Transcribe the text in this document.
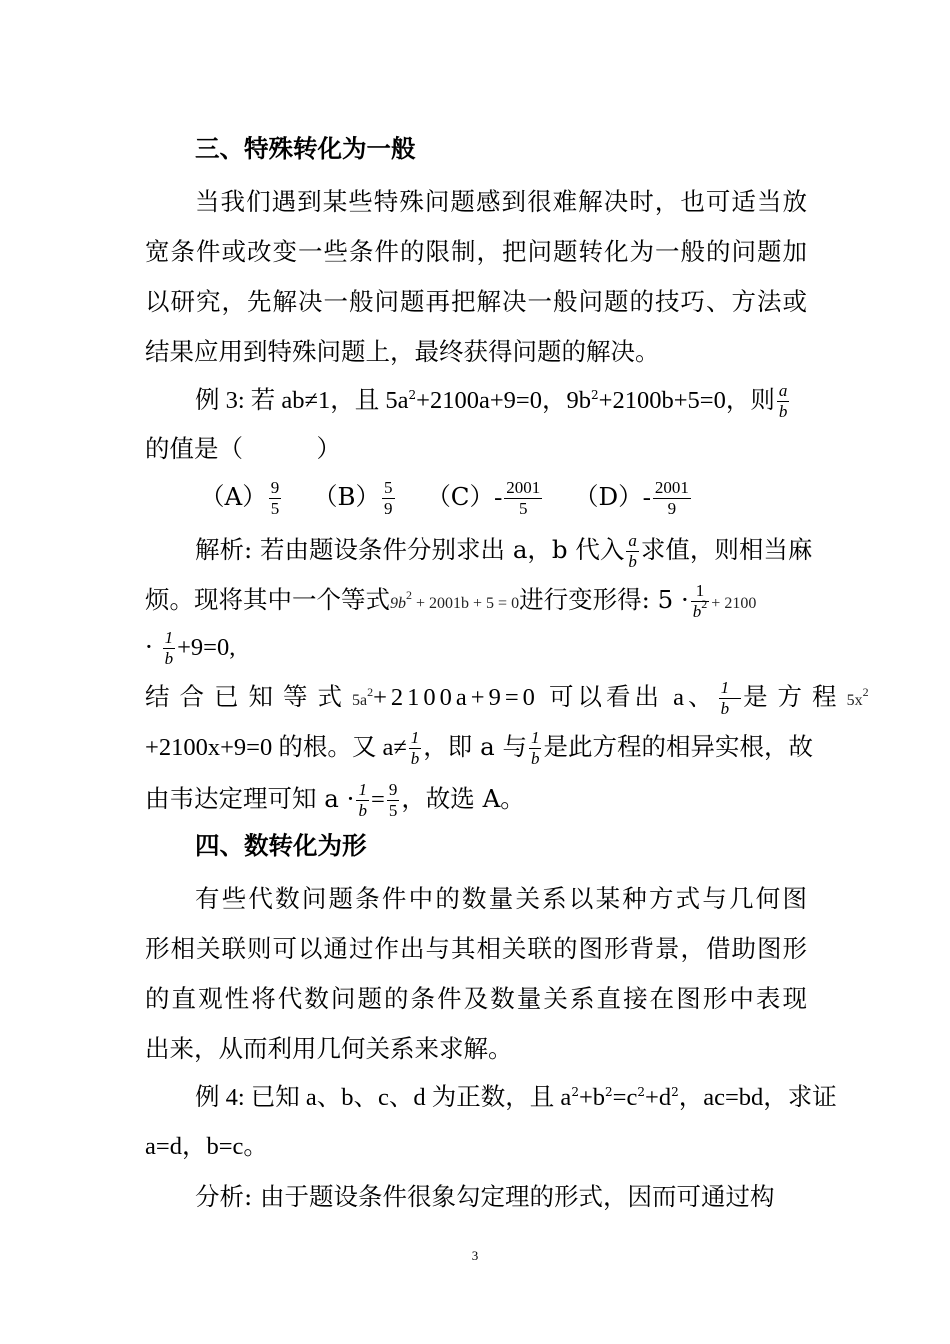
三、特殊转化为一般
当我们遇到某些特殊问题感到很难解决时，也可适当放
宽条件或改变一些条件的限制，把问题转化为一般的问题加
以研究，先解决一般问题再把解决一般问题的技巧、方法或
结果应用到特殊问题上，最终获得问题的解决。
例 3: 若 ab≠1，且 $5a^2+2100a+9=0$，$9b^2+2100b+5=0$，则 $\frac{a}{b}$
的值是（　　　）
$(A) \frac{9}{5} (B) \frac{5}{9} (C)- \frac{2001}{5} (D)- \frac{2001}{9}$
解析: 若由题设条件分别求出 a，b 代入 $\frac{a}{b}$ 求值，则相当麻
烦。现将其中一个等式$9b^2 + 2001b + 5 = 0$进行变形得: $5 \cdot \frac{1}{b^2} + 2100$
· $\frac{1}{b} +9=0$,
结合已知等式$5a^2+2100a+9=0$ 可以看出 a、 $\frac{1}{b}$ 是方程$5x^2$
+2100x+9=0 的根。又 $a\ne \frac{1}{b}$ ，即 a 与 $\frac{1}{b}$ 是此方程的相异实根，故
由韦达定理可知 $a \cdot \frac{1}{b} = \frac{9}{5}$ ，故选 A。
四、数转化为形
有些代数问题条件中的数量关系以某种方式与几何图
形相关联则可以通过作出与其相关联的图形背景，借助图形
的直观性将代数问题的条件及数量关系直接在图形中表现
出来，从而利用几何关系来求解。
例 4: 已知 a、b、c、d 为正数，且 $a^2+b^2=c^2+d^2$，ac=bd，求证
a=d，b=c。
分析: 由于题设条件很象勾定理的形式，因而可通过构
3
